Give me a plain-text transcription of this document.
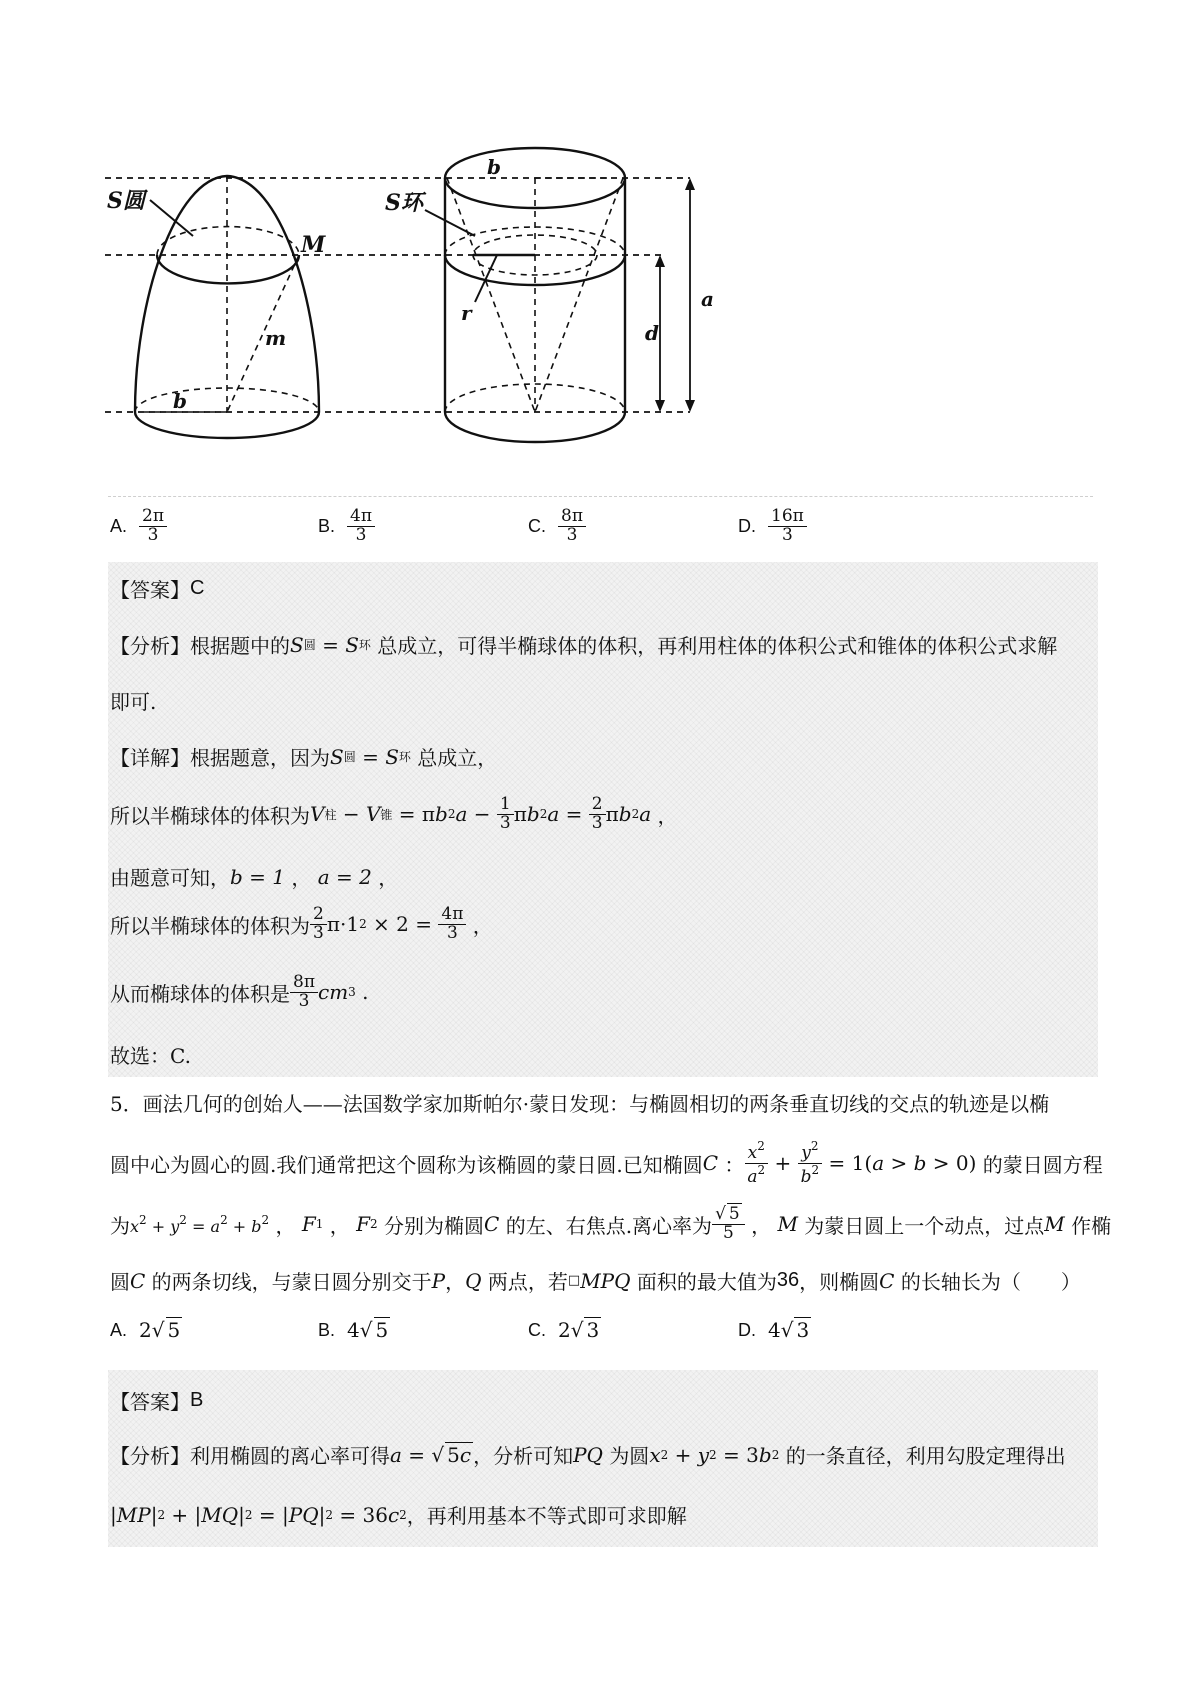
S圆
M
m
b
b
S环
r
a
d
A. $\frac{2\pi}{3}$	B. $\frac{4\pi}{3}$	C. $\frac{8\pi}{3}$	D. $\frac{16\pi}{3}$
【答案】 C
【分析】 根据题中的 S 圆 = S 环
总成立，可得半椭球体的体积，再利用柱体的体积公式和锥体的体积公式求解
即可.
【详解】 根据题意，因为 S 圆 = S 环
总成立，
所以半椭球体的体积为 V 柱 − V 锥 = π b 2 $a - \frac{1}{3}$ π b 2 $a = \frac{2}{3}$ π b 2 a ，
由题意可知， b = 1 ， a = 2 ，
所以半椭球体的体积为 $\frac{2}{3} \pi\cdot 1$ $2 \times 2 = \frac{4\pi}{3}$ ，
从而椭球体的体积是 $\frac{8\pi}{3}$ cm 3 .
故选：C.
5．画法几何的创始人——法国数学家加斯帕尔·蒙日发现：与椭圆相切的两条垂直切线的交点的轨迹是以椭
圆中心为圆心的圆.我们通常把这个圆称为该椭圆的蒙日圆.已知椭圆 C ： $\frac{x^2}{a^2} + \frac{y^2}{b^2} = 1$( a > b > 0) 的蒙日圆方程
为 $x^2 + y^2 = a^2 + b^2$ ， F 1 ， F 2
分别为椭圆 C
的左、右焦点.离心率为 $\frac{√ 5}{5}$ ， M
为蒙日圆上一个动点，过点 M
作椭
圆 C
的两条切线，与蒙日圆分别交于 P ， Q
两点，若 □ MPQ
面积的最大值为 36 ，则椭圆 C
的长轴长为（　　）
A. 2√ 5	B. 4√ 5	C. 2√ 3	D. 4√ 3
【答案】 B
【分析】 利用椭圆的离心率可得 a = √ 5c ，分析可知 PQ
为圆 x 2 + y 2 = 3 b 2
的一条直径，利用勾股定理得出
| MP | 2 + | MQ | 2 = | PQ | 2 = 36 c 2 ，再利用基本不等式即可求即解
